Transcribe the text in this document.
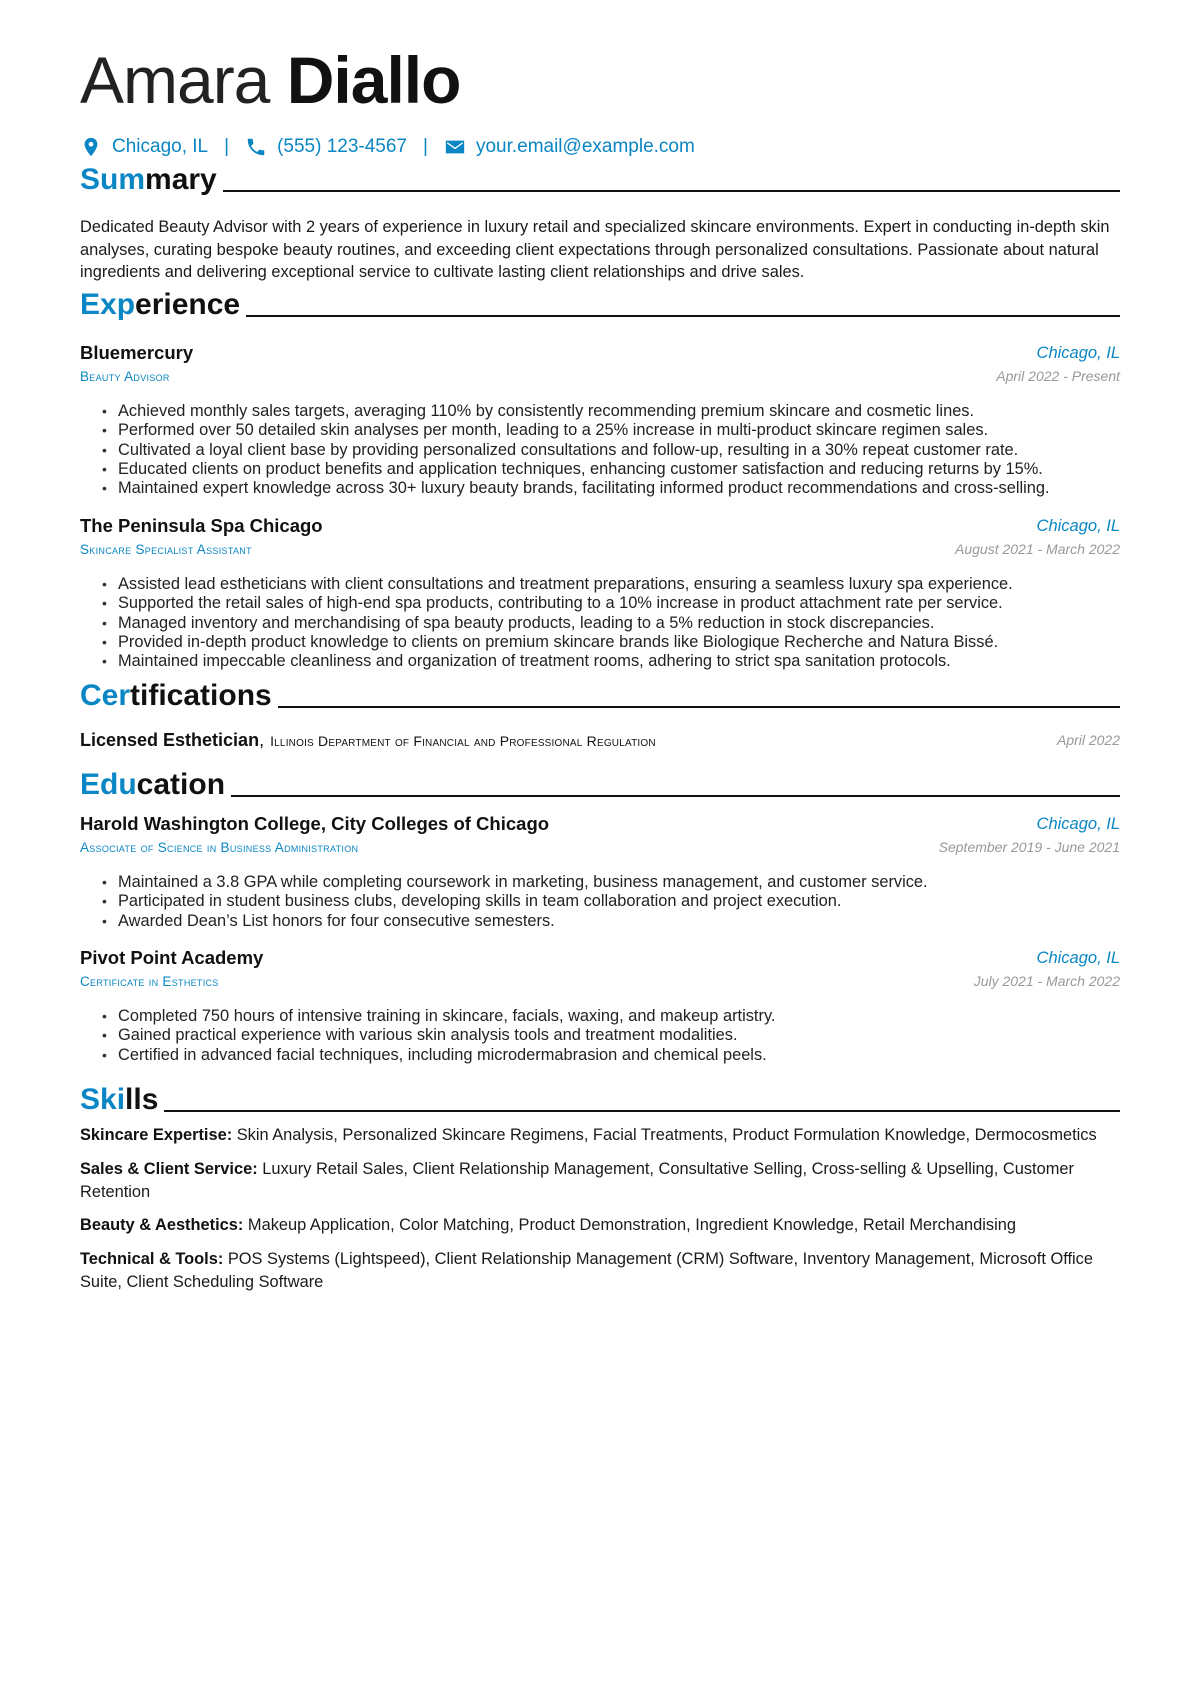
Amara Diallo
Chicago, IL |	(555) 123-4567 |	your.email@example.com
Summary
Dedicated Beauty Advisor with 2 years of experience in luxury retail and specialized skincare environments. Expert in conducting in-depth skin analyses, curating bespoke beauty routines, and exceeding client expectations through personalized consultations. Passionate about natural ingredients and delivering exceptional service to cultivate lasting client relationships and drive sales.
Experience
Bluemercury	Chicago, IL
Beauty Advisor	April 2022 - Present
• Achieved monthly sales targets, averaging 110% by consistently recommending premium skincare and cosmetic lines.
• Performed over 50 detailed skin analyses per month, leading to a 25% increase in multi-product skincare regimen sales.
• Cultivated a loyal client base by providing personalized consultations and follow-up, resulting in a 30% repeat customer rate.
• Educated clients on product benefits and application techniques, enhancing customer satisfaction and reducing returns by 15%.
• Maintained expert knowledge across 30+ luxury beauty brands, facilitating informed product recommendations and cross-selling.
The Peninsula Spa Chicago	Chicago, IL
Skincare Specialist Assistant	August 2021 - March 2022
• Assisted lead estheticians with client consultations and treatment preparations, ensuring a seamless luxury spa experience.
• Supported the retail sales of high-end spa products, contributing to a 10% increase in product attachment rate per service.
• Managed inventory and merchandising of spa beauty products, leading to a 5% reduction in stock discrepancies.
• Provided in-depth product knowledge to clients on premium skincare brands like Biologique Recherche and Natura Bissé.
• Maintained impeccable cleanliness and organization of treatment rooms, adhering to strict spa sanitation protocols.
Certifications
Licensed Esthetician, Illinois Department of Financial and Professional Regulation	April 2022
Education
Harold Washington College, City Colleges of Chicago	Chicago, IL
Associate of Science in Business Administration	September 2019 - June 2021
• Maintained a 3.8 GPA while completing coursework in marketing, business management, and customer service.
• Participated in student business clubs, developing skills in team collaboration and project execution.
• Awarded Dean’s List honors for four consecutive semesters.
Pivot Point Academy	Chicago, IL
Certificate in Esthetics	July 2021 - March 2022
• Completed 750 hours of intensive training in skincare, facials, waxing, and makeup artistry.
• Gained practical experience with various skin analysis tools and treatment modalities.
• Certified in advanced facial techniques, including microdermabrasion and chemical peels.
Skills
Skincare Expertise: Skin Analysis, Personalized Skincare Regimens, Facial Treatments, Product Formulation Knowledge, Dermocosmetics
Sales & Client Service: Luxury Retail Sales, Client Relationship Management, Consultative Selling, Cross-selling & Upselling, Customer Retention
Beauty & Aesthetics: Makeup Application, Color Matching, Product Demonstration, Ingredient Knowledge, Retail Merchandising
Technical & Tools: POS Systems (Lightspeed), Client Relationship Management (CRM) Software, Inventory Management, Microsoft Office Suite, Client Scheduling Software
